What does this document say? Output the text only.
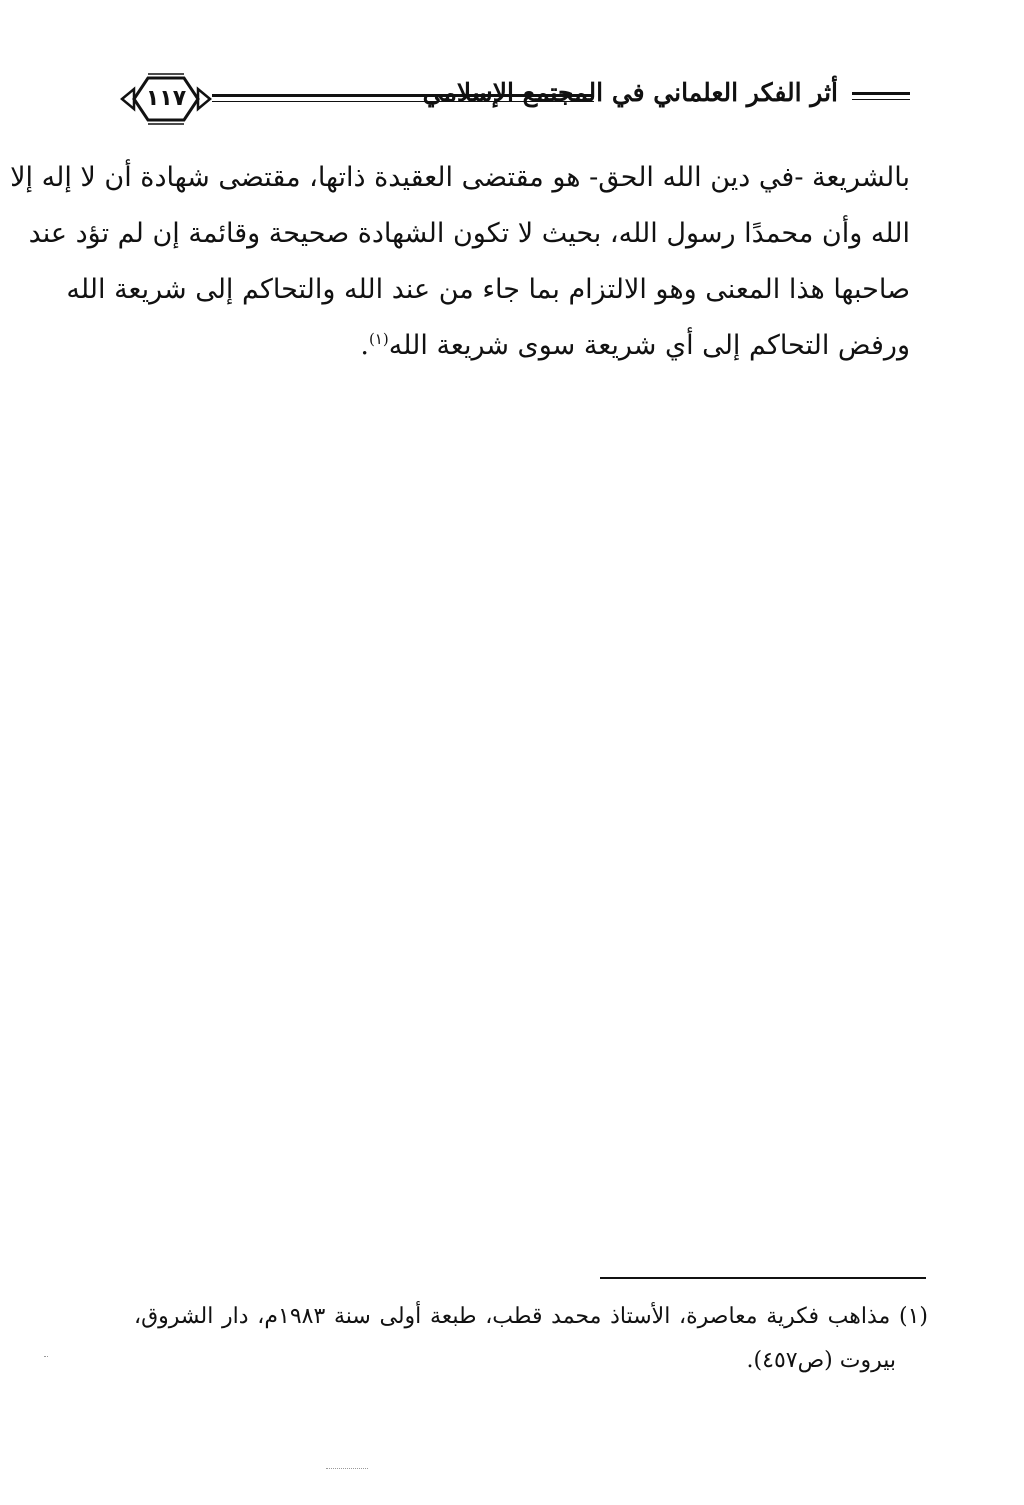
١١٧	أثر الفكر العلماني في المجتمع الإسلامي
بالشريعة -في دين الله الحق- هو مقتضى العقيدة ذاتها، مقتضى شهادة أن لا إله إلا
الله وأن محمدًا رسول الله، بحيث لا تكون الشهادة صحيحة وقائمة إن لم تؤد عند
صاحبها هذا المعنى وهو الالتزام بما جاء من عند الله والتحاكم إلى شريعة الله
ورفض التحاكم إلى أي شريعة سوى شريعة الله$^{(١)}$.
(١) مذاهب فكرية معاصرة، الأستاذ محمد قطب، طبعة أولى سنة ١٩٨٣م، دار الشروق،
بيروت (ص٤٥٧).
